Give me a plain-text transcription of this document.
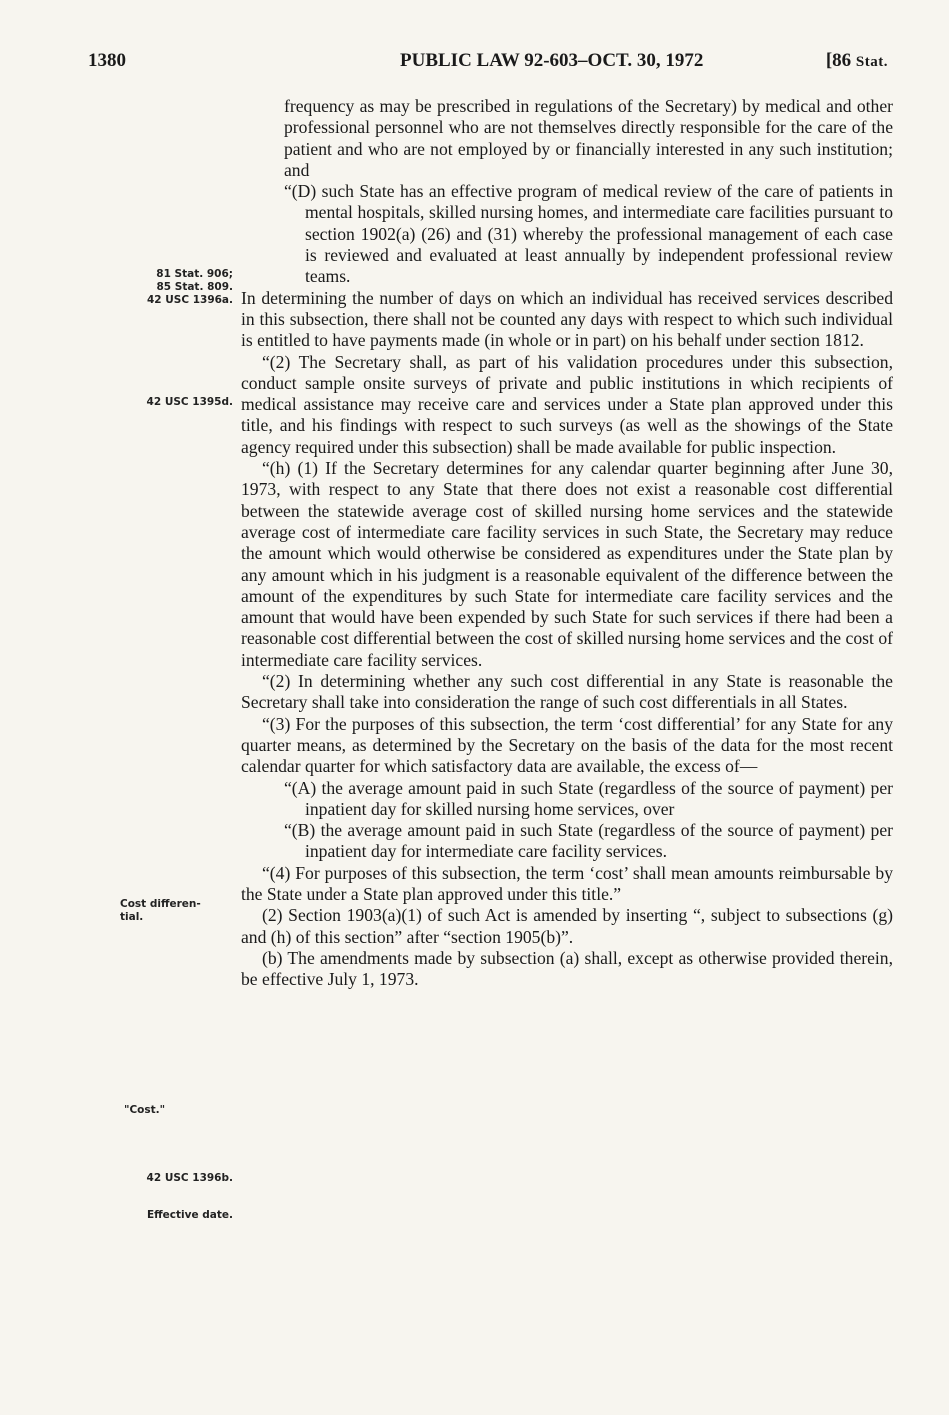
1380	PUBLIC LAW 92-603–OCT. 30, 1972	[86 Stat.
81 Stat. 906;
85 Stat. 809.
42 USC 1396a.
42 USC 1395d.
Cost differen-
tial.
"Cost."
42 USC 1396b.
Effective date.

frequency as may be prescribed in regulations of the Secretary) by medical and other professional personnel who are not themselves directly responsible for the care of the patient and who are not employed by or financially interested in any such institution; and

“(D) such State has an effective program of medical review of the care of patients in mental hospitals, skilled nursing homes, and intermediate care facilities pursuant to section 1902(a) (26) and (31) whereby the professional management of each case is reviewed and evaluated at least annually by independent professional review teams.

In determining the number of days on which an individual has received services described in this subsection, there shall not be counted any days with respect to which such individual is entitled to have payments made (in whole or in part) on his behalf under section 1812.

“(2) The Secretary shall, as part of his validation procedures under this subsection, conduct sample onsite surveys of private and public institutions in which recipients of medical assistance may receive care and services under a State plan approved under this title, and his findings with respect to such surveys (as well as the showings of the State agency required under this subsection) shall be made available for public inspection.

“(h) (1) If the Secretary determines for any calendar quarter beginning after June 30, 1973, with respect to any State that there does not exist a reasonable cost differential between the statewide average cost of skilled nursing home services and the statewide average cost of intermediate care facility services in such State, the Secretary may reduce the amount which would otherwise be considered as expenditures under the State plan by any amount which in his judgment is a reasonable equivalent of the difference between the amount of the expenditures by such State for intermediate care facility services and the amount that would have been expended by such State for such services if there had been a reasonable cost differential between the cost of skilled nursing home services and the cost of intermediate care facility services.

“(2) In determining whether any such cost differential in any State is reasonable the Secretary shall take into consideration the range of such cost differentials in all States.

“(3) For the purposes of this subsection, the term ‘cost differential’ for any State for any quarter means, as determined by the Secretary on the basis of the data for the most recent calendar quarter for which satisfactory data are available, the excess of—

“(A) the average amount paid in such State (regardless of the source of payment) per inpatient day for skilled nursing home services, over

“(B) the average amount paid in such State (regardless of the source of payment) per inpatient day for intermediate care facility services.

“(4) For purposes of this subsection, the term ‘cost’ shall mean amounts reimbursable by the State under a State plan approved under this title.”

(2) Section 1903(a)(1) of such Act is amended by inserting “, subject to subsections (g) and (h) of this section” after “section 1905(b)”.

(b) The amendments made by subsection (a) shall, except as otherwise provided therein, be effective July 1, 1973.
